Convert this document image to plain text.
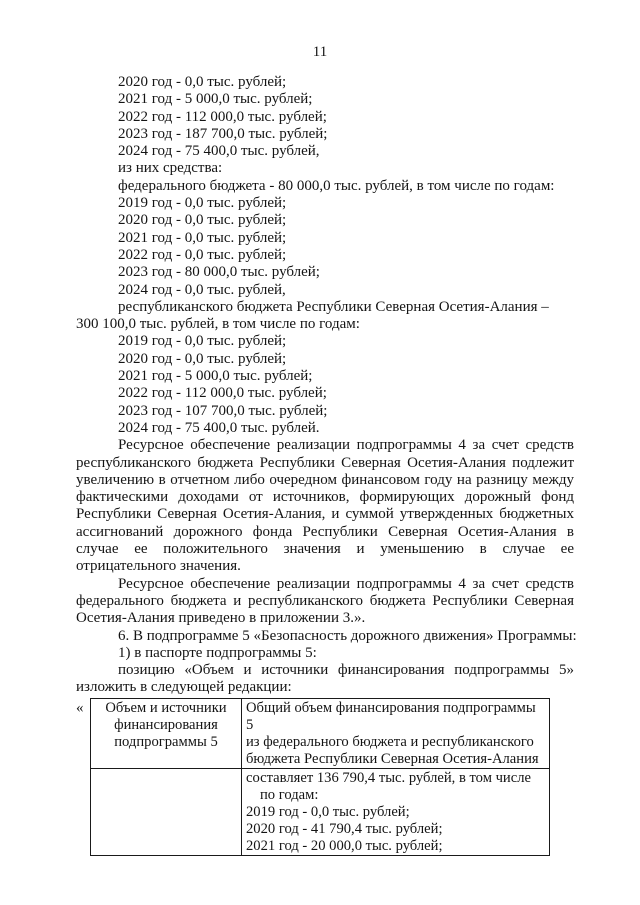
11
2020 год - 0,0 тыс. рублей;
2021 год - 5 000,0 тыс. рублей;
2022 год - 112 000,0 тыс. рублей;
2023 год - 187 700,0 тыс. рублей;
2024 год - 75 400,0 тыс. рублей,
из них средства:
федерального бюджета - 80 000,0 тыс. рублей, в том числе по годам:
2019 год - 0,0 тыс. рублей;
2020 год - 0,0 тыс. рублей;
2021 год - 0,0 тыс. рублей;
2022 год - 0,0 тыс. рублей;
2023 год - 80 000,0 тыс. рублей;
2024 год - 0,0 тыс. рублей,
республиканского бюджета Республики Северная Осетия-Алания –
300 100,0 тыс. рублей, в том числе по годам:
2019 год - 0,0 тыс. рублей;
2020 год - 0,0 тыс. рублей;
2021 год - 5 000,0 тыс. рублей;
2022 год - 112 000,0 тыс. рублей;
2023 год - 107 700,0 тыс. рублей;
2024 год - 75 400,0 тыс. рублей.
Ресурсное обеспечение реализации подпрограммы 4 за счет средств республиканского бюджета Республики Северная Осетия-Алания подлежит увеличению в отчетном либо очередном финансовом году на разницу между фактическими доходами от источников, формирующих дорожный фонд Республики Северная Осетия-Алания, и суммой утвержденных бюджетных ассигнований дорожного фонда Республики Северная Осетия-Алания в случае ее положительного значения и уменьшению в случае ее отрицательного значения.
Ресурсное обеспечение реализации подпрограммы 4 за счет средств федерального бюджета и республиканского бюджета Республики Северная Осетия-Алания приведено в приложении 3.».
6. В подпрограмме 5 «Безопасность дорожного движения» Программы:
1) в паспорте подпрограммы 5:
позицию «Объем и источники финансирования подпрограммы 5» изложить в следующей редакции:
«	Объем и источники
финансирования
подпрограммы 5	Общий объем финансирования подпрограммы 5
из федерального бюджета и республиканского
бюджета Республики Северная Осетия-Алания

	составляет 136 790,4 тыс. рублей, в том числе
по годам:
2019 год - 0,0 тыс. рублей;
2020 год - 41 790,4 тыс. рублей;
2021 год - 20 000,0 тыс. рублей;
